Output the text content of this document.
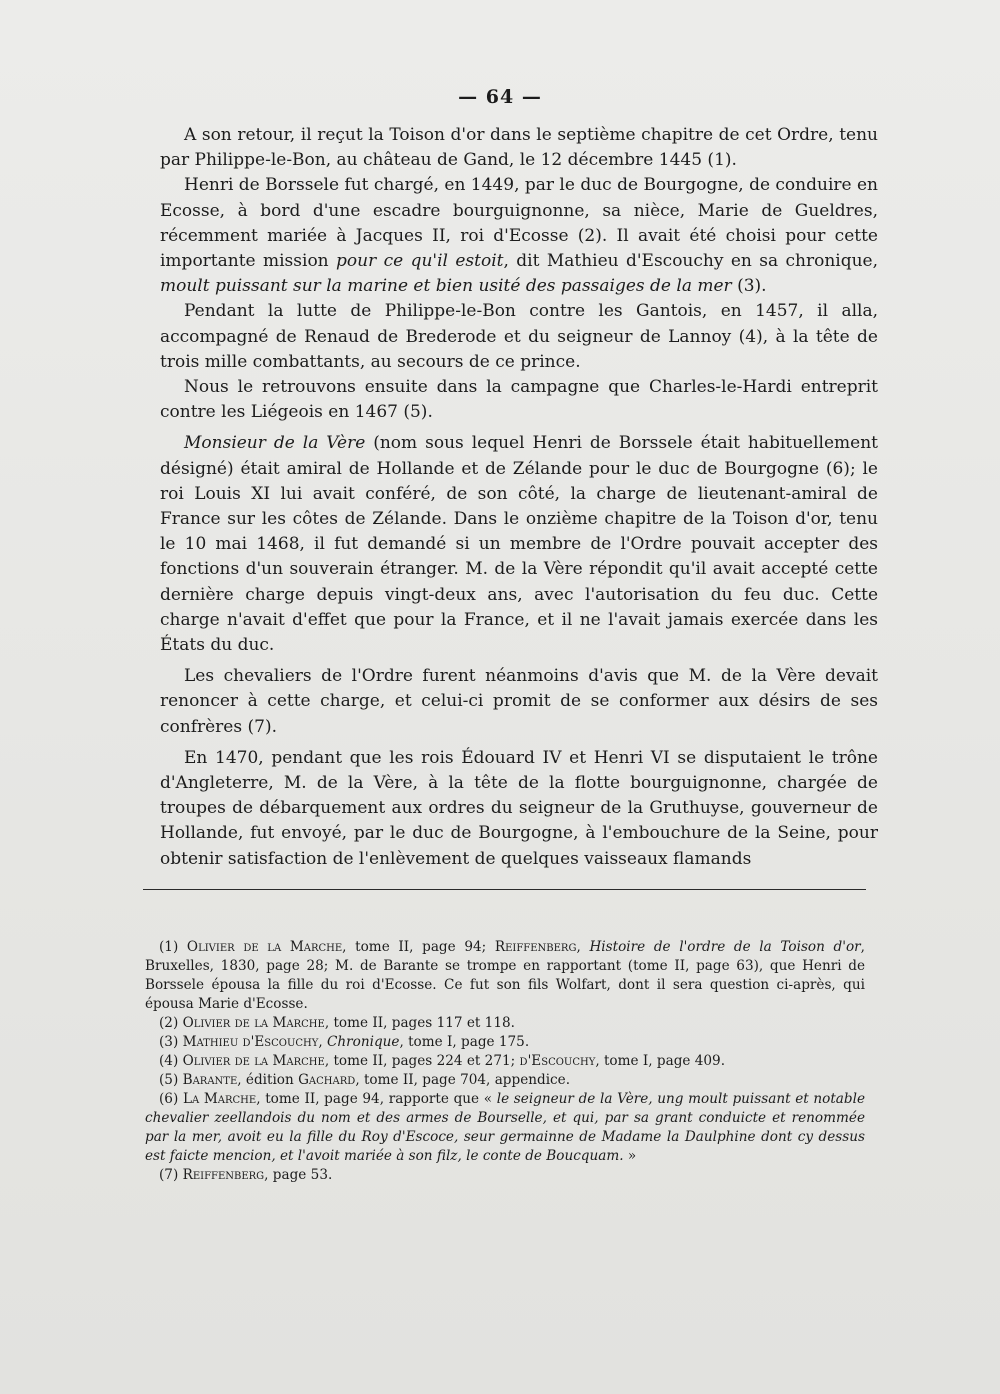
— 64 —

A son retour, il reçut la Toison d'or dans le septième chapitre de cet Ordre, tenu par Philippe-le-Bon, au château de Gand, le 12 décembre 1445 (1).

Henri de Borssele fut chargé, en 1449, par le duc de Bourgogne, de conduire en Ecosse, à bord d'une escadre bourguignonne, sa nièce, Marie de Gueldres, récemment mariée à Jacques II, roi d'Ecosse (2). Il avait été choisi pour cette importante mission pour ce qu'il estoit, dit Mathieu d'Escouchy en sa chronique, moult puissant sur la marine et bien usité des passaiges de la mer (3).

Pendant la lutte de Philippe-le-Bon contre les Gantois, en 1457, il alla, accompagné de Renaud de Brederode et du seigneur de Lannoy (4), à la tête de trois mille combattants, au secours de ce prince.

Nous le retrouvons ensuite dans la campagne que Charles-le-Hardi entreprit contre les Liégeois en 1467 (5).

Monsieur de la Vère (nom sous lequel Henri de Borssele était habituellement désigné) était amiral de Hollande et de Zélande pour le duc de Bourgogne (6); le roi Louis XI lui avait conféré, de son côté, la charge de lieutenant-amiral de France sur les côtes de Zélande. Dans le onzième chapitre de la Toison d'or, tenu le 10 mai 1468, il fut demandé si un membre de l'Ordre pouvait accepter des fonctions d'un souverain étranger. M. de la Vère répondit qu'il avait accepté cette dernière charge depuis vingt-deux ans, avec l'autorisation du feu duc. Cette charge n'avait d'effet que pour la France, et il ne l'avait jamais exercée dans les États du duc.

Les chevaliers de l'Ordre furent néanmoins d'avis que M. de la Vère devait renoncer à cette charge, et celui-ci promit de se conformer aux désirs de ses confrères (7).

En 1470, pendant que les rois Édouard IV et Henri VI se disputaient le trône d'Angleterre, M. de la Vère, à la tête de la flotte bourguignonne, chargée de troupes de débarquement aux ordres du seigneur de la Gruthuyse, gouverneur de Hollande, fut envoyé, par le duc de Bourgogne, à l'embouchure de la Seine, pour obtenir satisfaction de l'enlèvement de quelques vaisseaux flamands

(1) Olivier de la Marche, tome II, page 94; Reiffenberg, Histoire de l'ordre de la Toison d'or, Bruxelles, 1830, page 28; M. de Barante se trompe en rapportant (tome II, page 63), que Henri de Borssele épousa la fille du roi d'Ecosse. Ce fut son fils Wolfart, dont il sera question ci-après, qui épousa Marie d'Ecosse.

(2) Olivier de la Marche, tome II, pages 117 et 118.

(3) Mathieu d'Escouchy, Chronique, tome I, page 175.

(4) Olivier de la Marche, tome II, pages 224 et 271; d'Escouchy, tome I, page 409.

(5) Barante, édition Gachard, tome II, page 704, appendice.

(6) La Marche, tome II, page 94, rapporte que « le seigneur de la Vère, ung moult puissant et notable chevalier zeellandois du nom et des armes de Bourselle, et qui, par sa grant conduicte et renommée par la mer, avoit eu la fille du Roy d'Escoce, seur germainne de Madame la Daulphine dont cy dessus est faicte mencion, et l'avoit mariée à son filz, le conte de Boucquam. »

(7) Reiffenberg, page 53.
